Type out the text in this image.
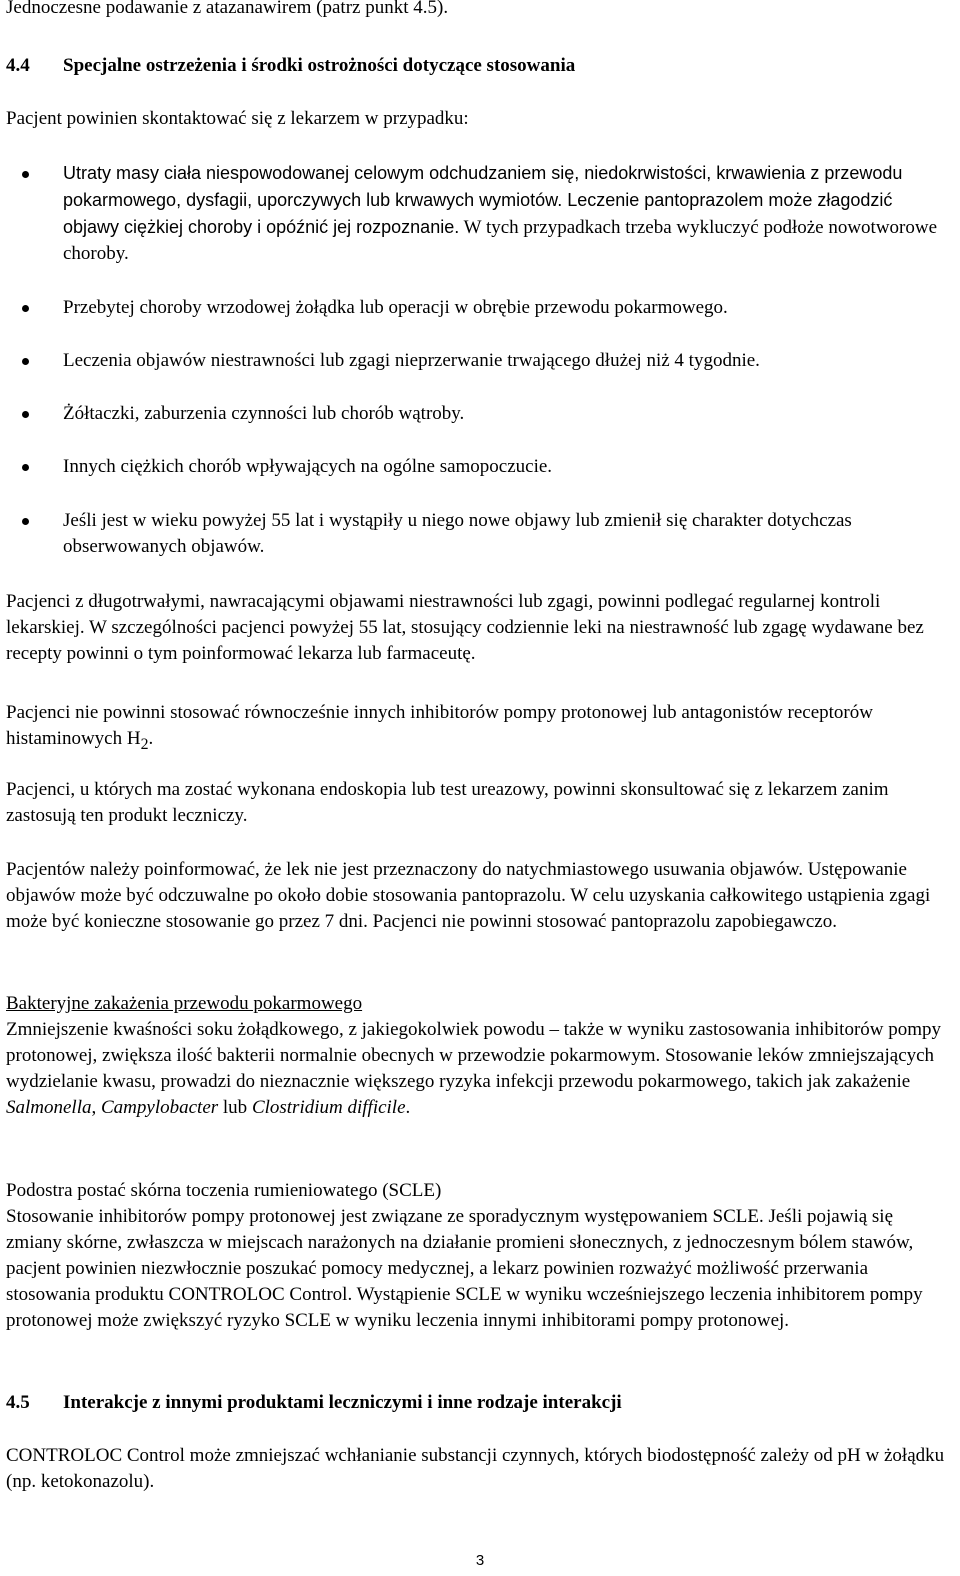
Jednoczesne podawanie z atazanawirem (patrz punkt 4.5).

4.4 Specjalne ostrzeżenia i środki ostrożności dotyczące stosowania

Pacjent powinien skontaktować się z lekarzem w przypadku:

Utraty masy ciała niespowodowanej celowym odchudzaniem się, niedokrwistości, krwawienia z przewodu pokarmowego, dysfagii, uporczywych lub krwawych wymiotów. Leczenie pantoprazolem może złagodzić objawy ciężkiej choroby i opóźnić jej rozpoznanie. W tych przypadkach trzeba wykluczyć podłoże nowotworowe choroby.

Przebytej choroby wrzodowej żołądka lub operacji w obrębie przewodu pokarmowego.

Leczenia objawów niestrawności lub zgagi nieprzerwanie trwającego dłużej niż 4 tygodnie.

Żółtaczki, zaburzenia czynności lub chorób wątroby.

Innych ciężkich chorób wpływających na ogólne samopoczucie.

Jeśli jest w wieku powyżej 55 lat i wystąpiły u niego nowe objawy lub zmienił się charakter dotychczas obserwowanych objawów.

Pacjenci z długotrwałymi, nawracającymi objawami niestrawności lub zgagi, powinni podlegać regularnej kontroli lekarskiej. W szczególności pacjenci powyżej 55 lat, stosujący codziennie leki na niestrawność lub zgagę wydawane bez recepty powinni o tym poinformować lekarza lub farmaceutę.

Pacjenci nie powinni stosować równocześnie innych inhibitorów pompy protonowej lub antagonistów receptorów histaminowych $H_2$.

Pacjenci, u których ma zostać wykonana endoskopia lub test ureazowy, powinni skonsultować się z lekarzem zanim zastosują ten produkt leczniczy.

Pacjentów należy poinformować, że lek nie jest przeznaczony do natychmiastowego usuwania objawów. Ustępowanie objawów może być odczuwalne po około dobie stosowania pantoprazolu. W celu uzyskania całkowitego ustąpienia zgagi może być konieczne stosowanie go przez 7 dni. Pacjenci nie powinni stosować pantoprazolu zapobiegawczo.

Bakteryjne zakażenia przewodu pokarmowego

Zmniejszenie kwaśności soku żołądkowego, z jakiegokolwiek powodu – także w wyniku zastosowania inhibitorów pompy protonowej, zwiększa ilość bakterii normalnie obecnych w przewodzie pokarmowym. Stosowanie leków zmniejszających wydzielanie kwasu, prowadzi do nieznacznie większego ryzyka infekcji przewodu pokarmowego, takich jak zakażenie Salmonella, Campylobacter lub Clostridium difficile.

Podostra postać skórna toczenia rumieniowatego (SCLE)

Stosowanie inhibitorów pompy protonowej jest związane ze sporadycznym występowaniem SCLE. Jeśli pojawią się zmiany skórne, zwłaszcza w miejscach narażonych na działanie promieni słonecznych, z jednoczesnym bólem stawów, pacjent powinien niezwłocznie poszukać pomocy medycznej, a lekarz powinien rozważyć możliwość przerwania stosowania produktu CONTROLOC Control. Wystąpienie SCLE w wyniku wcześniejszego leczenia inhibitorem pompy protonowej może zwiększyć ryzyko SCLE w wyniku leczenia innymi inhibitorami pompy protonowej.

4.5 Interakcje z innymi produktami leczniczymi i inne rodzaje interakcji

CONTROLOC Control może zmniejszać wchłanianie substancji czynnych, których biodostępność zależy od pH w żołądku (np. ketokonazolu).

3
